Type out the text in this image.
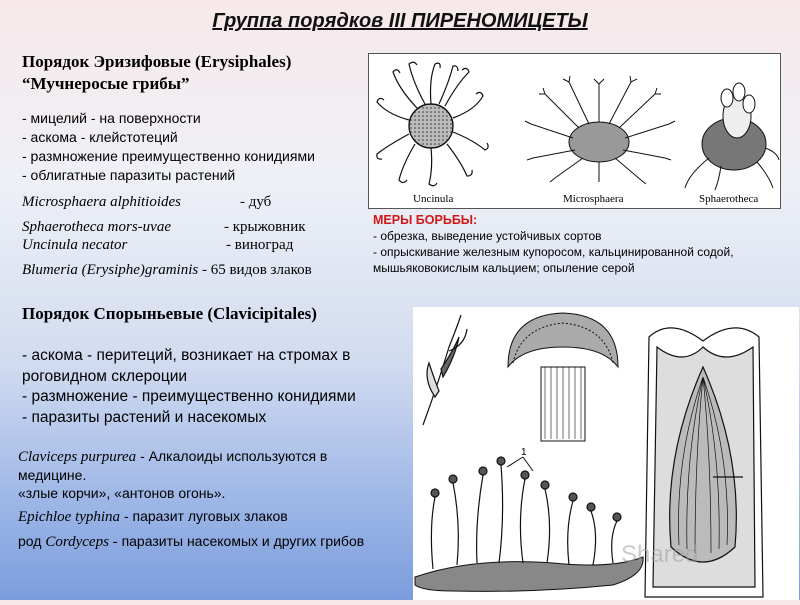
Группа порядков III ПИРЕНОМИЦЕТЫ
Порядок Эризифовые (Erysiphales)
“Мучнеросые грибы”
- мицелий - на поверхности
- аскома - клейстотеций
- размножение преимущественно конидиями
- облигатные паразиты растений
Microsphaera alphitioides	- дуб
Sphaerotheca mors-uvae	- крыжовник
Uncinula necator	- виноград
Blumeria (Erysiphe)graminis - 65 видов злаков
Uncinula	Microsphaera	Sphaerotheca
МЕРЫ БОРЬБЫ:
- обрезка, выведение устойчивых сортов
- опрыскивание железным купоросом, кальцинированной содой,
мышьяковокислым кальцием; опыление серой
Порядок Спорыньевые (Clavicipitales)
- аскома - перитеций, возникает на стромах в
роговидном склероции
- размножение - преимущественно конидиями
- паразиты растений и насекомых
Claviceps purpurea - Алкалоиды используются в
медицине.
«злые корчи», «антонов огонь».
Epichloe typhina - паразит луговых злаков
род Cordyceps - паразиты насекомых и других грибов
1
Shared
